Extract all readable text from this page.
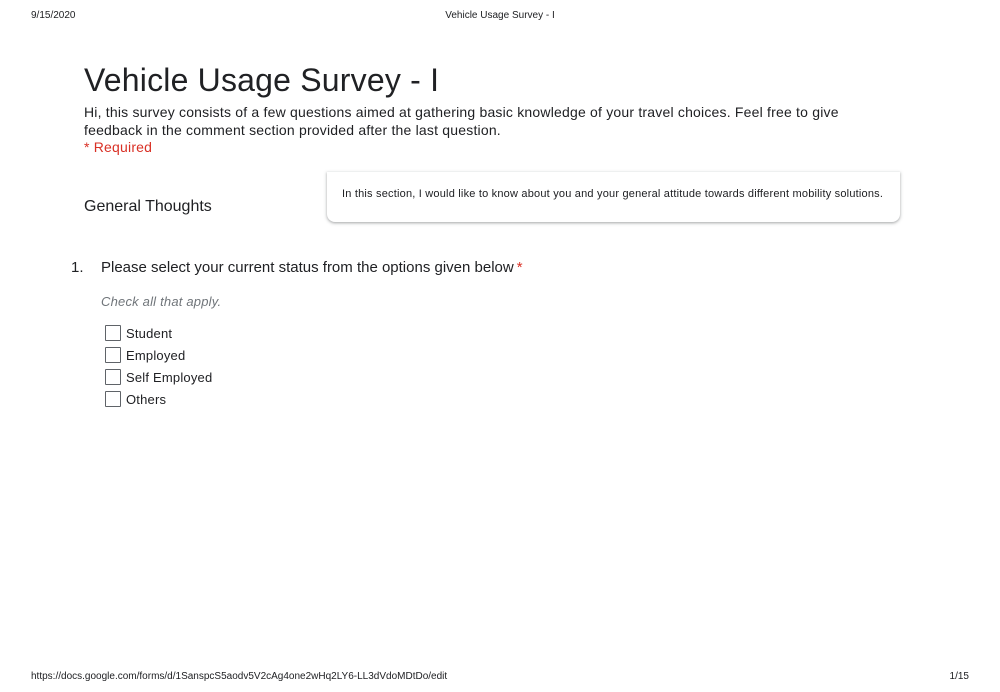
9/15/2020	Vehicle Usage Survey - I
Vehicle Usage Survey - I
Hi, this survey consists of a few questions aimed at gathering basic knowledge of your travel choices. Feel free to give feedback in the comment section provided after the last question.
* Required
General Thoughts
In this section, I would like to know about you and your general attitude towards different mobility solutions.
1. Please select your current status from the options given below *
Check all that apply.
Student
Employed
Self Employed
Others
https://docs.google.com/forms/d/1SanspcS5aodv5V2cAg4one2wHq2LY6-LL3dVdoMDtDo/edit	1/15
